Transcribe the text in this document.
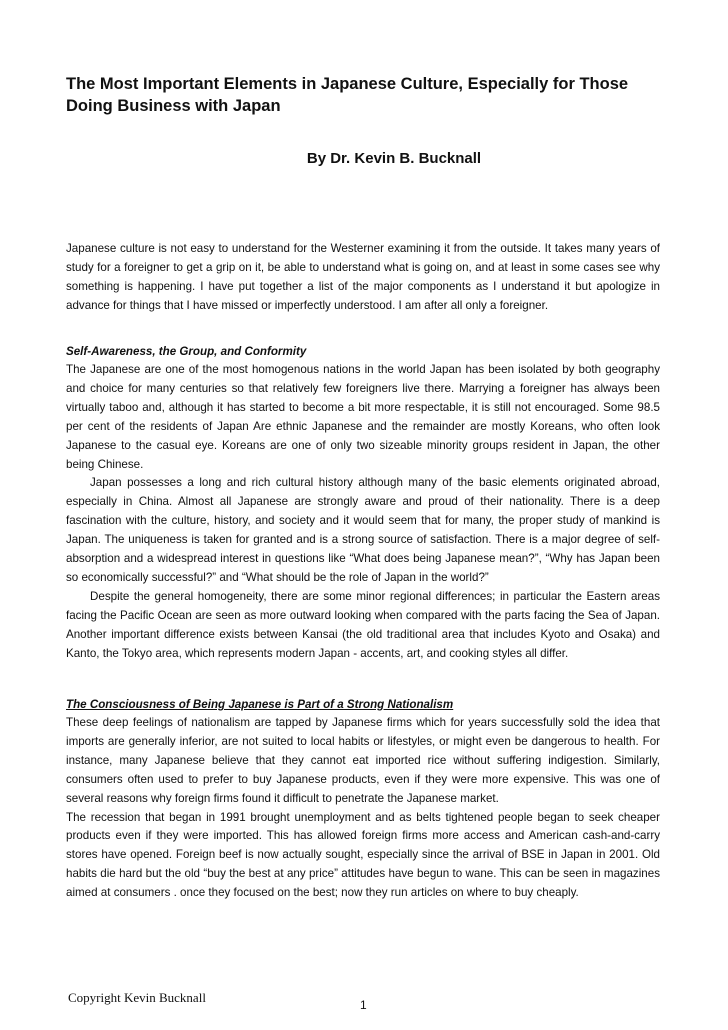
The Most Important Elements in Japanese Culture, Especially for Those Doing Business with Japan

By Dr. Kevin B. Bucknall

Japanese culture is not easy to understand for the Westerner examining it from the outside. It takes many years of study for a foreigner to get a grip on it, be able to understand what is going on, and at least in some cases see why something is happening. I have put together a list of the major components as I understand it but apologize in advance for things that I have missed or imperfectly understood. I am after all only a foreigner.

Self-Awareness, the Group, and Conformity

The Japanese are one of the most homogenous nations in the world Japan has been isolated by both geography and choice for many centuries so that relatively few foreigners live there. Marrying a foreigner has always been virtually taboo and, although it has started to become a bit more respectable, it is still not encouraged. Some 98.5 per cent of the residents of Japan Are ethnic Japanese and the remainder are mostly Koreans, who often look Japanese to the casual eye. Koreans are one of only two sizeable minority groups resident in Japan, the other being Chinese.

Japan possesses a long and rich cultural history although many of the basic elements originated abroad, especially in China. Almost all Japanese are strongly aware and proud of their nationality. There is a deep fascination with the culture, history, and society and it would seem that for many, the proper study of mankind is Japan. The uniqueness is taken for granted and is a strong source of satisfaction. There is a major degree of self-absorption and a widespread interest in questions like “What does being Japanese mean?”, “Why has Japan been so economically successful?” and “What should be the role of Japan in the world?”

Despite the general homogeneity, there are some minor regional differences; in particular the Eastern areas facing the Pacific Ocean are seen as more outward looking when compared with the parts facing the Sea of Japan. Another important difference exists between Kansai (the old traditional area that includes Kyoto and Osaka) and Kanto, the Tokyo area, which represents modern Japan - accents, art, and cooking styles all differ.

The Consciousness of Being Japanese is Part of a Strong Nationalism

These deep feelings of nationalism are tapped by Japanese firms which for years successfully sold the idea that imports are generally inferior, are not suited to local habits or lifestyles, or might even be dangerous to health. For instance, many Japanese believe that they cannot eat imported rice without suffering indigestion. Similarly, consumers often used to prefer to buy Japanese products, even if they were more expensive. This was one of several reasons why foreign firms found it difficult to penetrate the Japanese market.

The recession that began in 1991 brought unemployment and as belts tightened people began to seek cheaper products even if they were imported. This has allowed foreign firms more access and American cash-and-carry stores have opened. Foreign beef is now actually sought, especially since the arrival of BSE in Japan in 2001. Old habits die hard but the old “buy the best at any price” attitudes have begun to wane. This can be seen in magazines aimed at consumers . once they focused on the best; now they run articles on where to buy cheaply.

Copyright Kevin Bucknall	1
